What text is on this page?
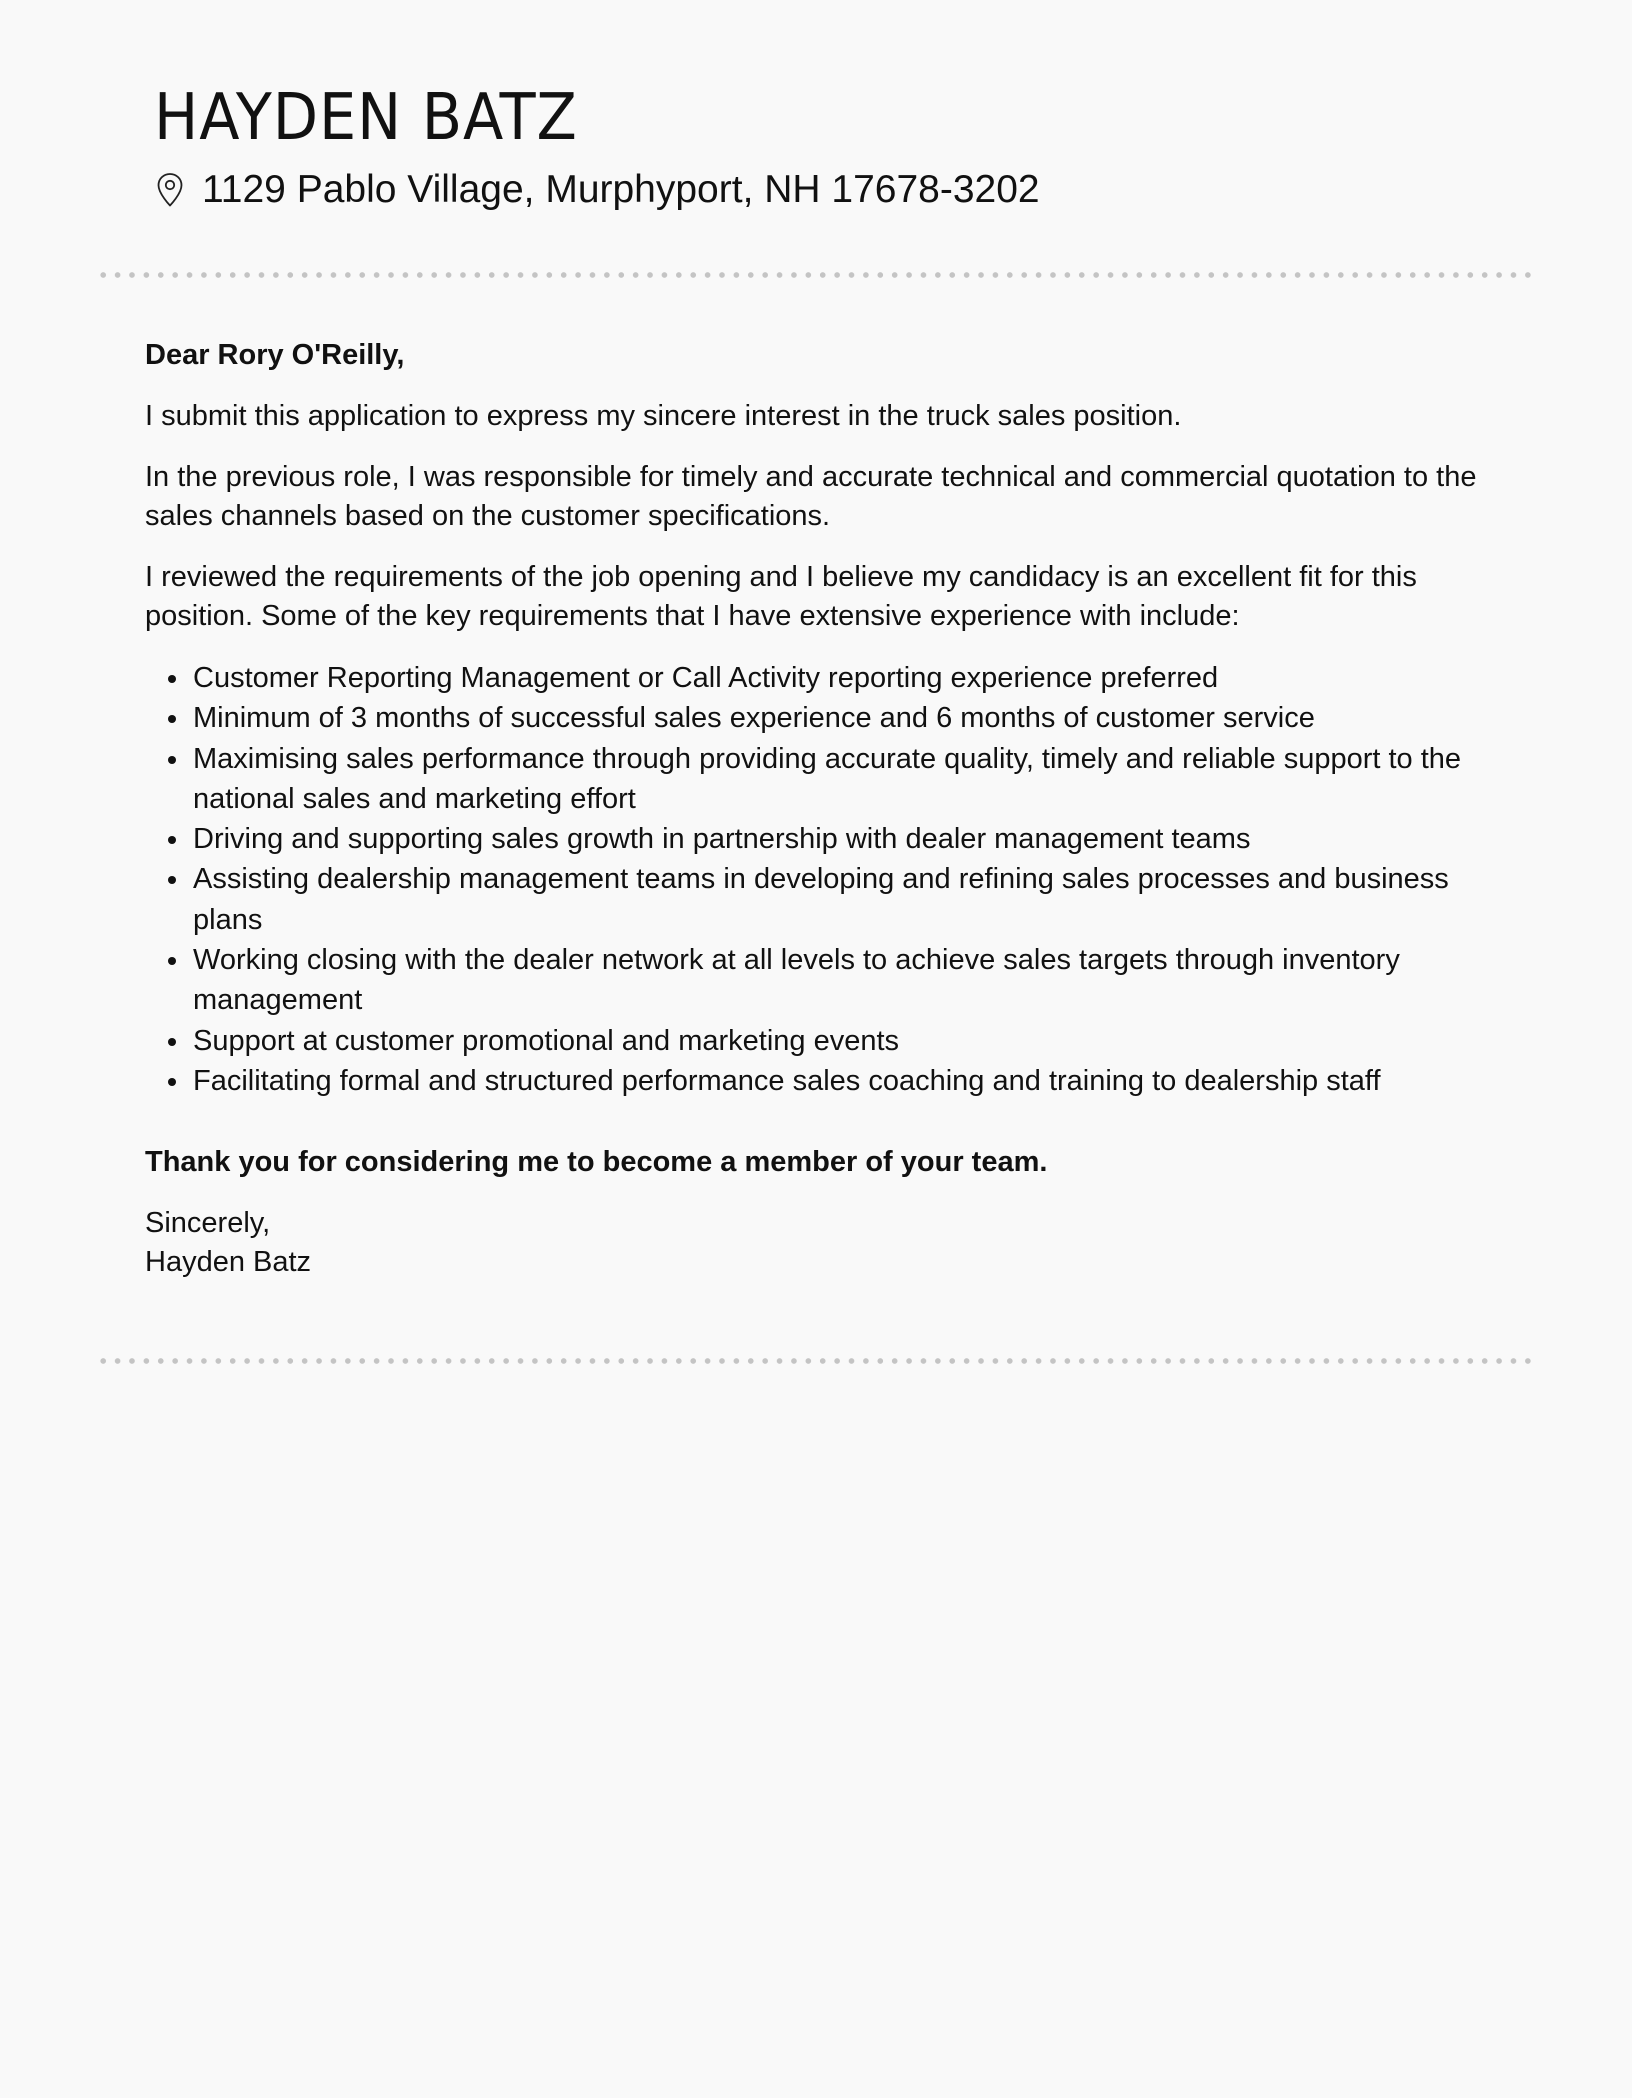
HAYDEN BATZ
1129 Pablo Village, Murphyport, NH 17678-3202

Dear Rory O'Reilly,

I submit this application to express my sincere interest in the truck sales position.

In the previous role, I was responsible for timely and accurate technical and commercial quotation to the sales channels based on the customer specifications.

I reviewed the requirements of the job opening and I believe my candidacy is an excellent fit for this position. Some of the key requirements that I have extensive experience with include:

Customer Reporting Management or Call Activity reporting experience preferred
Minimum of 3 months of successful sales experience and 6 months of customer service
Maximising sales performance through providing accurate quality, timely and reliable support to the national sales and marketing effort
Driving and supporting sales growth in partnership with dealer management teams
Assisting dealership management teams in developing and refining sales processes and business plans
Working closing with the dealer network at all levels to achieve sales targets through inventory management
Support at customer promotional and marketing events
Facilitating formal and structured performance sales coaching and training to dealership staff

Thank you for considering me to become a member of your team.

Sincerely,
Hayden Batz
